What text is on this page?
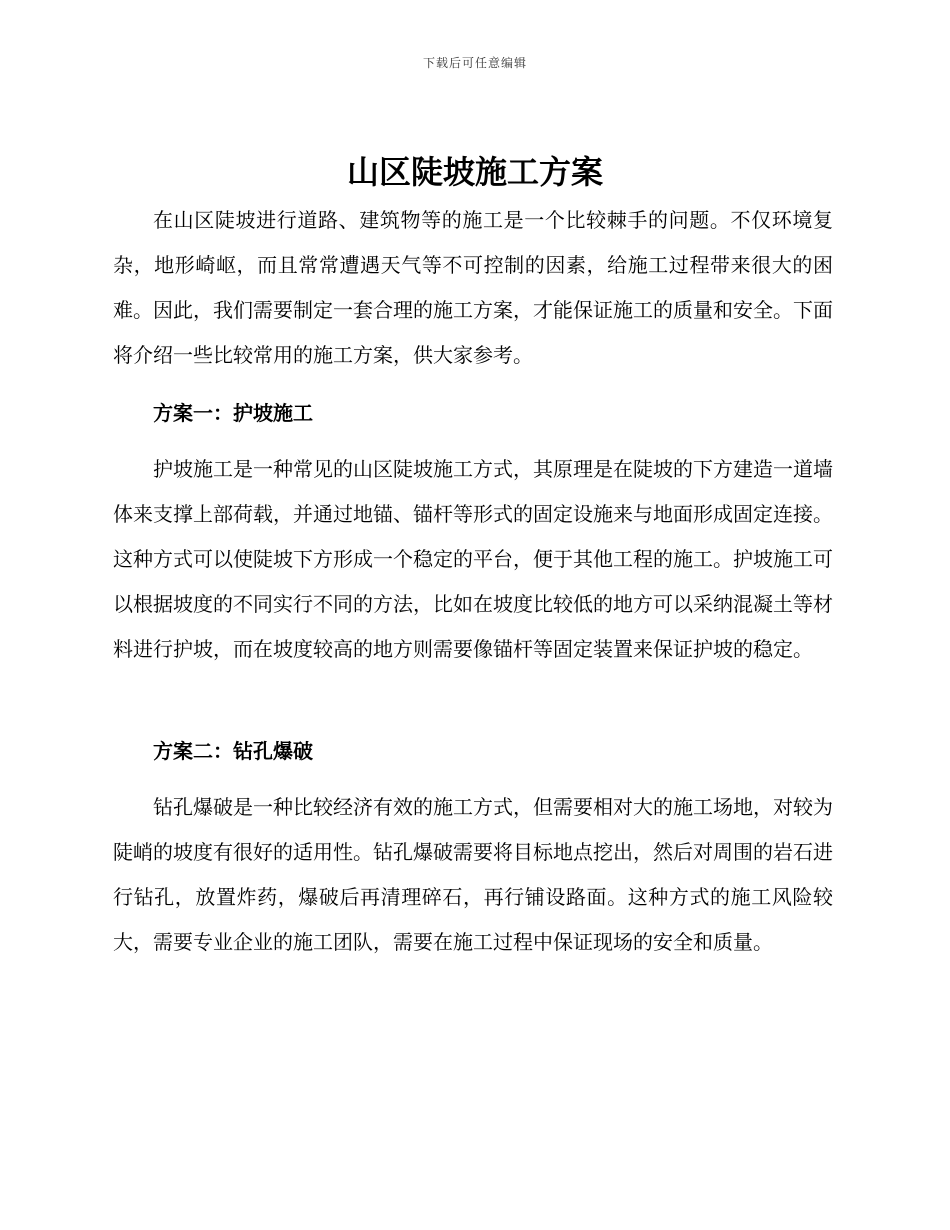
下载后可任意编辑
山区陡坡施工方案

在山区陡坡进行道路、建筑物等的施工是一个比较棘手的问题。不仅环境复杂，地形崎岖，而且常常遭遇天气等不可控制的因素，给施工过程带来很大的困难。因此，我们需要制定一套合理的施工方案，才能保证施工的质量和安全。下面将介绍一些比较常用的施工方案，供大家参考。

方案一：护坡施工

护坡施工是一种常见的山区陡坡施工方式，其原理是在陡坡的下方建造一道墙体来支撑上部荷载，并通过地锚、锚杆等形式的固定设施来与地面形成固定连接。这种方式可以使陡坡下方形成一个稳定的平台，便于其他工程的施工。护坡施工可以根据坡度的不同实行不同的方法，比如在坡度比较低的地方可以采纳混凝土等材料进行护坡，而在坡度较高的地方则需要像锚杆等固定装置来保证护坡的稳定。

方案二：钻孔爆破

钻孔爆破是一种比较经济有效的施工方式，但需要相对大的施工场地，对较为陡峭的坡度有很好的适用性。钻孔爆破需要将目标地点挖出，然后对周围的岩石进行钻孔，放置炸药，爆破后再清理碎石，再行铺设路面。这种方式的施工风险较大，需要专业企业的施工团队，需要在施工过程中保证现场的安全和质量。
